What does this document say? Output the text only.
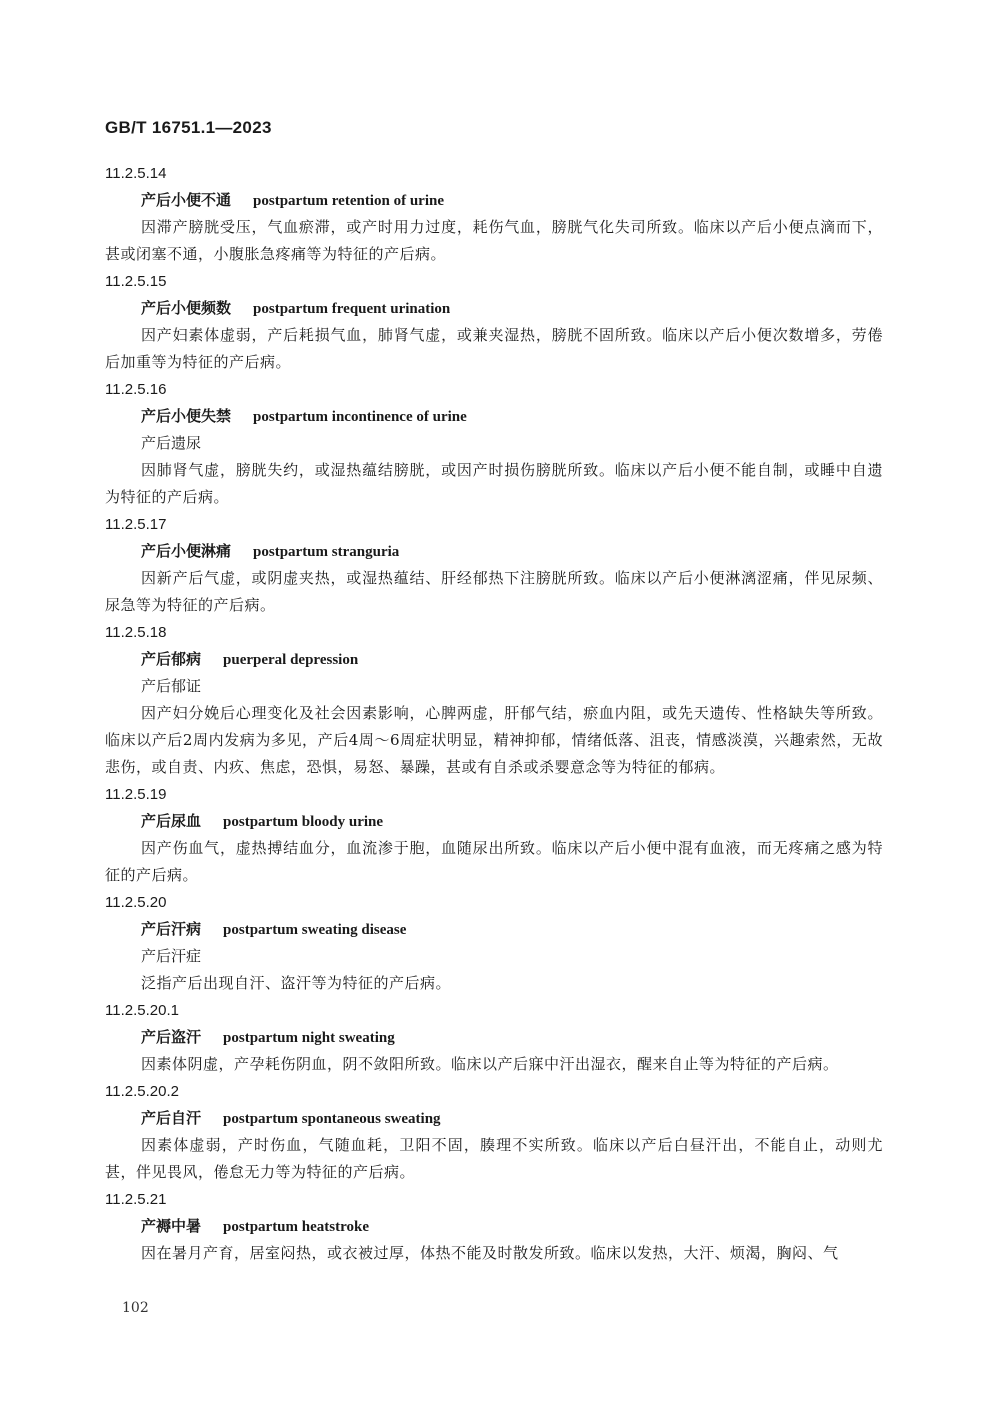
GB/T 16751.1—2023

11.2.5.14

产后小便不通 postpartum retention of urine

因滞产膀胱受压，气血瘀滞，或产时用力过度，耗伤气血，膀胱气化失司所致。临床以产后小便点滴而下，甚或闭塞不通，小腹胀急疼痛等为特征的产后病。

11.2.5.15

产后小便频数 postpartum frequent urination

因产妇素体虚弱，产后耗损气血，肺肾气虚，或兼夹湿热，膀胱不固所致。临床以产后小便次数增多，劳倦后加重等为特征的产后病。

11.2.5.16

产后小便失禁 postpartum incontinence of urine

产后遗尿

因肺肾气虚，膀胱失约，或湿热蕴结膀胱，或因产时损伤膀胱所致。临床以产后小便不能自制，或睡中自遗为特征的产后病。

11.2.5.17

产后小便淋痛 postpartum stranguria

因新产后气虚，或阴虚夹热，或湿热蕴结、肝经郁热下注膀胱所致。临床以产后小便淋漓涩痛，伴见尿频、尿急等为特征的产后病。

11.2.5.18

产后郁病 puerperal depression

产后郁证

因产妇分娩后心理变化及社会因素影响，心脾两虚，肝郁气结，瘀血内阻，或先天遗传、性格缺失等所致。临床以产后2周内发病为多见，产后4周～6周症状明显，精神抑郁，情绪低落、沮丧，情感淡漠，兴趣索然，无故悲伤，或自责、内疚、焦虑，恐惧，易怒、暴躁，甚或有自杀或杀婴意念等为特征的郁病。

11.2.5.19

产后尿血 postpartum bloody urine

因产伤血气，虚热搏结血分，血流渗于胞，血随尿出所致。临床以产后小便中混有血液，而无疼痛之感为特征的产后病。

11.2.5.20

产后汗病 postpartum sweating disease

产后汗症

泛指产后出现自汗、盗汗等为特征的产后病。

11.2.5.20.1

产后盗汗 postpartum night sweating

因素体阴虚，产孕耗伤阴血，阴不敛阳所致。临床以产后寐中汗出湿衣，醒来自止等为特征的产后病。

11.2.5.20.2

产后自汗 postpartum spontaneous sweating

因素体虚弱，产时伤血，气随血耗，卫阳不固，腠理不实所致。临床以产后白昼汗出，不能自止，动则尤甚，伴见畏风，倦怠无力等为特征的产后病。

11.2.5.21

产褥中暑 postpartum heatstroke

因在暑月产育，居室闷热，或衣被过厚，体热不能及时散发所致。临床以发热，大汗、烦渴，胸闷、气

102
